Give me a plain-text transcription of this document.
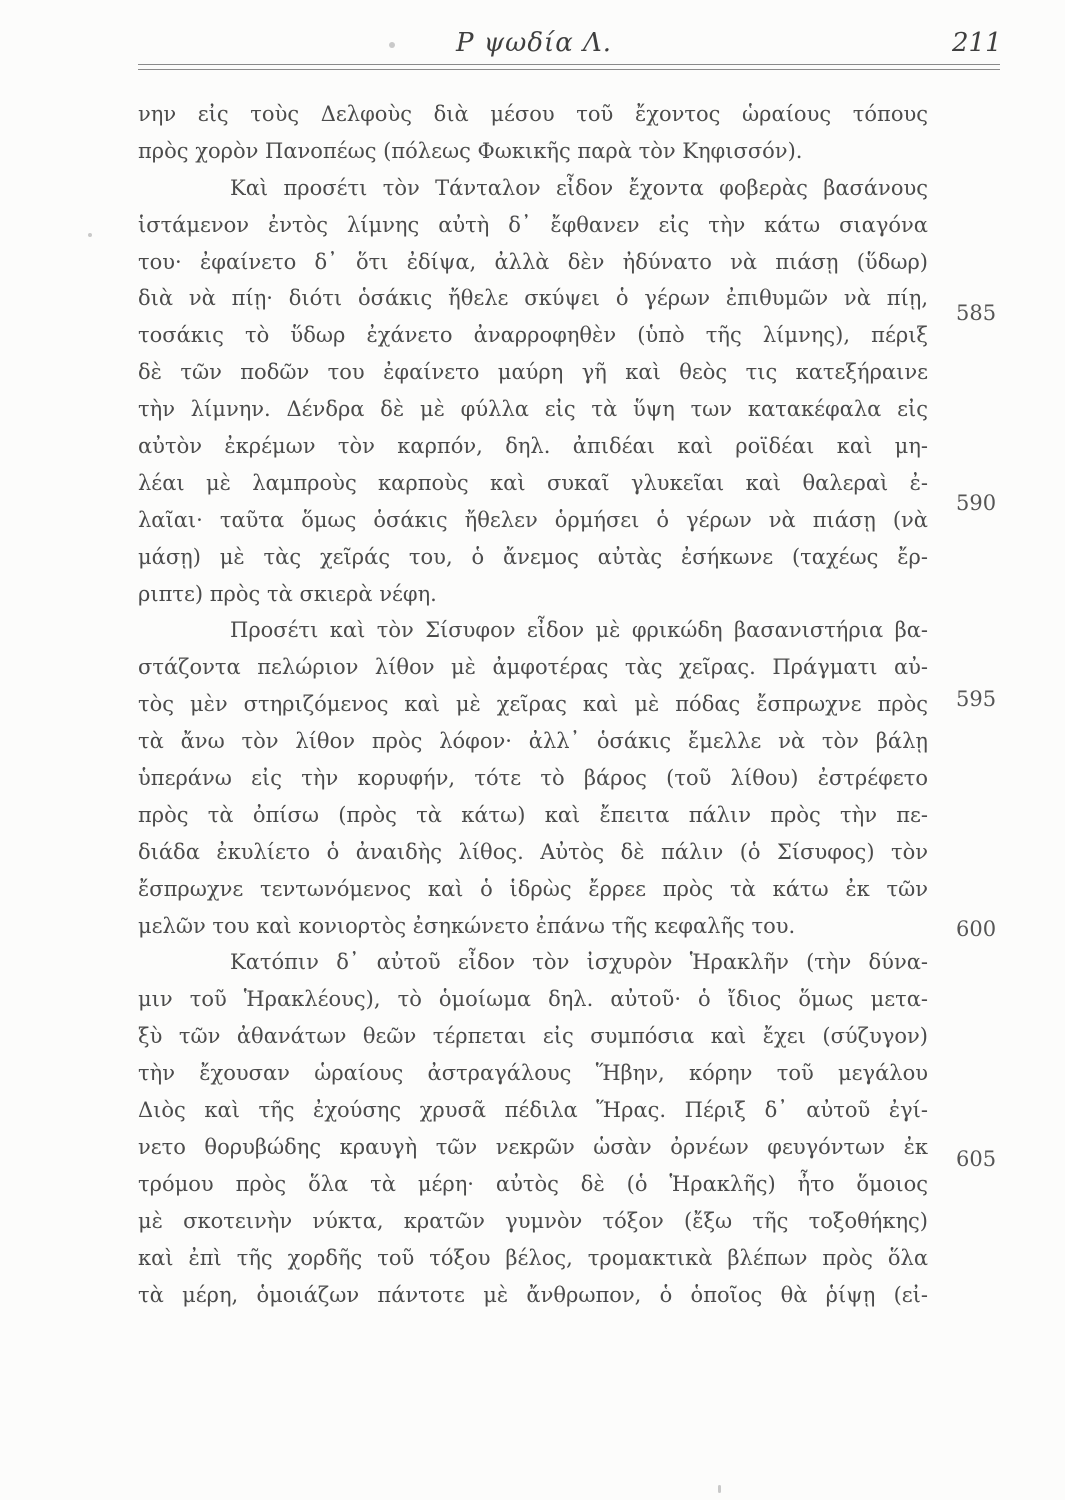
Ρ ψωδία Λ.	211
νην εἰς τοὺς Δελφοὺς διὰ μέσου τοῦ ἔχοντος ὡραίους τόπους
πρὸς χορὸν Πανοπέως (πόλεως Φωκικῆς παρὰ τὸν Κηφισσόν).
Καὶ προσέτι τὸν Τάνταλον εἶδον ἔχοντα φοβερὰς βασάνους
ἱστάμενον ἐντὸς λίμνης αὐτὴ δ᾽ ἔφθανεν εἰς τὴν κάτω σιαγόνα
του· ἐφαίνετο δ᾽ ὅτι ἐδίψα, ἀλλὰ δὲν ἠδύνατο νὰ πιάσῃ (ὕδωρ)
διὰ νὰ πίῃ· διότι ὁσάκις ἤθελε σκύψει ὁ γέρων ἐπιθυμῶν νὰ πίῃ,
τοσάκις τὸ ὕδωρ ἐχάνετο ἀναρροφηθὲν (ὑπὸ τῆς λίμνης), πέριξ
δὲ τῶν ποδῶν του ἐφαίνετο μαύρη γῆ καὶ θεὸς τις κατεξήραινε
τὴν λίμνην. Δένδρα δὲ μὲ φύλλα εἰς τὰ ὕψη των κατακέφαλα εἰς
αὐτὸν ἐκρέμων τὸν καρπόν, δηλ. ἀπιδέαι καὶ ροϊδέαι καὶ μη-
λέαι μὲ λαμπροὺς καρποὺς καὶ συκαῖ γλυκεῖαι καὶ θαλεραὶ ἐ-
λαῖαι· ταῦτα ὅμως ὁσάκις ἤθελεν ὁρμήσει ὁ γέρων νὰ πιάσῃ (νὰ
μάσῃ) μὲ τὰς χεῖράς του, ὁ ἄνεμος αὐτὰς ἐσήκωνε (ταχέως ἔρ-
ριπτε) πρὸς τὰ σκιερὰ νέφη.
Προσέτι καὶ τὸν Σίσυφον εἶδον μὲ φρικώδη βασανιστήρια βα-
στάζοντα πελώριον λίθον μὲ ἀμφοτέρας τὰς χεῖρας. Πράγματι αὐ-
τὸς μὲν στηριζόμενος καὶ μὲ χεῖρας καὶ μὲ πόδας ἔσπρωχνε πρὸς
τὰ ἄνω τὸν λίθον πρὸς λόφον· ἀλλ᾽ ὁσάκις ἔμελλε νὰ τὸν βάλῃ
ὑπεράνω εἰς τὴν κορυφήν, τότε τὸ βάρος (τοῦ λίθου) ἐστρέφετο
πρὸς τὰ ὀπίσω (πρὸς τὰ κάτω) καὶ ἔπειτα πάλιν πρὸς τὴν πε-
διάδα ἐκυλίετο ὁ ἀναιδὴς λίθος. Αὐτὸς δὲ πάλιν (ὁ Σίσυφος) τὸν
ἔσπρωχνε τεντωνόμενος καὶ ὁ ἱδρὼς ἔρρεε πρὸς τὰ κάτω ἐκ τῶν
μελῶν του καὶ κονιορτὸς ἐσηκώνετο ἐπάνω τῆς κεφαλῆς του.
Κατόπιν δ᾽ αὐτοῦ εἶδον τὸν ἰσχυρὸν Ἡρακλῆν (τὴν δύνα-
μιν τοῦ Ἡρακλέους), τὸ ὁμοίωμα δηλ. αὐτοῦ· ὁ ἴδιος ὅμως μετα-
ξὺ τῶν ἀθανάτων θεῶν τέρπεται εἰς συμπόσια καὶ ἔχει (σύζυγον)
τὴν ἔχουσαν ὡραίους ἀστραγάλους Ἥβην, κόρην τοῦ μεγάλου
Διὸς καὶ τῆς ἐχούσης χρυσᾶ πέδιλα Ἥρας. Πέριξ δ᾽ αὐτοῦ ἐγί-
νετο θορυβώδης κραυγὴ τῶν νεκρῶν ὡσὰν ὀρνέων φευγόντων ἐκ
τρόμου πρὸς ὅλα τὰ μέρη· αὐτὸς δὲ (ὁ Ἡρακλῆς) ἦτο ὅμοιος
μὲ σκοτεινὴν νύκτα, κρατῶν γυμνὸν τόξον (ἔξω τῆς τοξοθήκης)
καὶ ἐπὶ τῆς χορδῆς τοῦ τόξου βέλος, τρομακτικὰ βλέπων πρὸς ὅλα
τὰ μέρη, ὁμοιάζων πάντοτε μὲ ἄνθρωπον, ὁ ὁποῖος θὰ ῥίψῃ (εἰ-
585
590
595
600
605
